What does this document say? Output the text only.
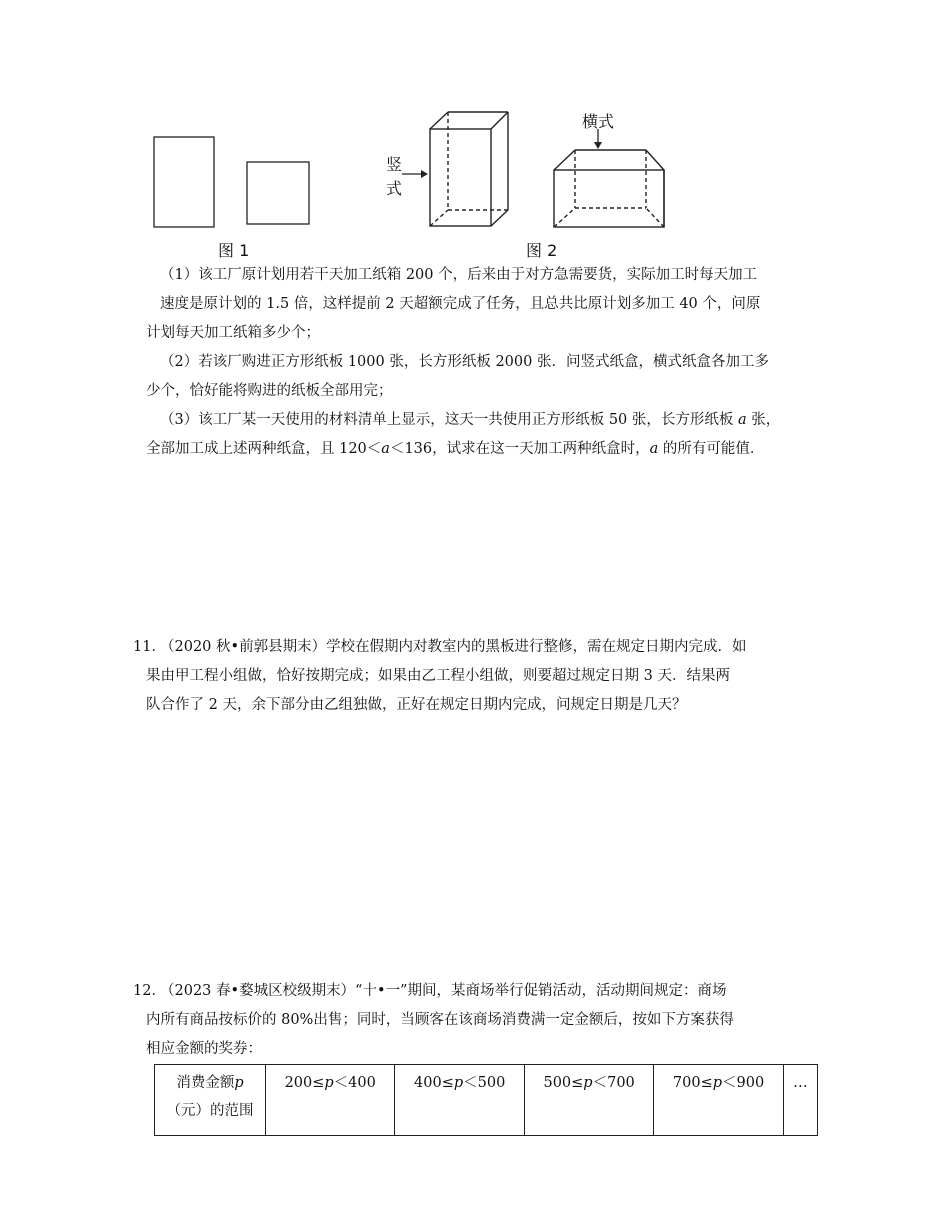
图 1
竖
式
横式
图 2
（1）该工厂原计划用若干天加工纸箱 200 个，后来由于对方急需要货，实际加工时每天加工
速度是原计划的 1.5 倍，这样提前 2 天超额完成了任务，且总共比原计划多加工 40 个，问原
计划每天加工纸箱多少个；
（2）若该厂购进正方形纸板 1000 张，长方形纸板 2000 张．问竖式纸盒，横式纸盒各加工多
少个，恰好能将购进的纸板全部用完；
（3）该工厂某一天使用的材料清单上显示，这天一共使用正方形纸板 50 张，长方形纸板 a 张，
全部加工成上述两种纸盒，且 120＜a＜136，试求在这一天加工两种纸盒时，a 的所有可能值．
11．
（2020 秋•前郭县期末）学校在假期内对教室内的黑板进行整修，需在规定日期内完成．如
果由甲工程小组做，恰好按期完成；如果由乙工程小组做，则要超过规定日期 3 天．结果两
队合作了 2 天，余下部分由乙组独做，正好在规定日期内完成，问规定日期是几天？
12．
（2023 春•婺城区校级期末）“十•一”期间，某商场举行促销活动，活动期间规定：商场
内所有商品按标价的 80%出售；同时，当顾客在该商场消费满一定金额后，按如下方案获得
相应金额的奖券：
消费金额p
（元）的范围	200≤p＜400	400≤p＜500	500≤p＜700	700≤p＜900	…
